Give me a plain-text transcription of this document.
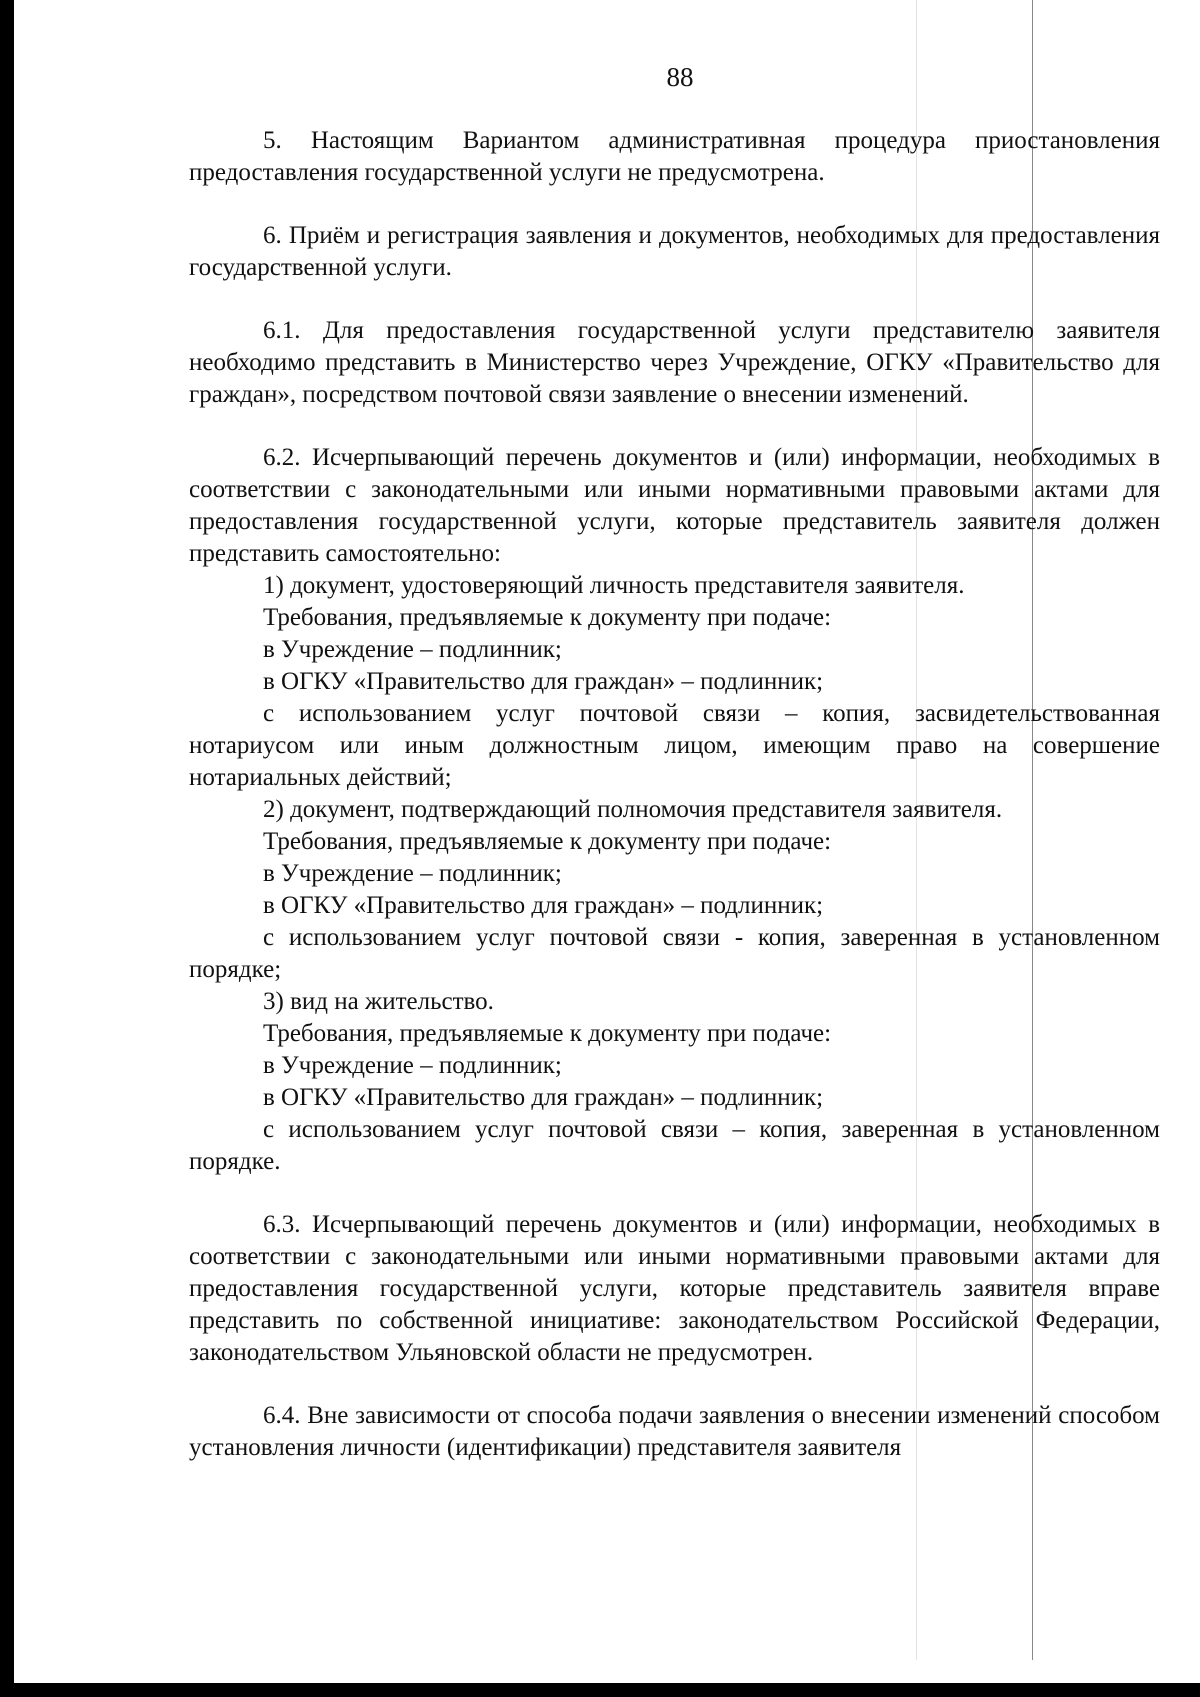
88

5. Настоящим Вариантом административная процедура приостановления предоставления государственной услуги не предусмотрена.

6. Приём и регистрация заявления и документов, необходимых для предоставления государственной услуги.

6.1. Для предоставления государственной услуги представителю заявителя необходимо представить в Министерство через Учреждение, ОГКУ «Правительство для граждан», посредством почтовой связи заявление о внесении изменений.

6.2. Исчерпывающий перечень документов и (или) информации, необходимых в соответствии с законодательными или иными нормативными правовыми актами для предоставления государственной услуги, которые представитель заявителя должен представить самостоятельно:

1) документ, удостоверяющий личность представителя заявителя.

Требования, предъявляемые к документу при подаче:

в Учреждение – подлинник;

в ОГКУ «Правительство для граждан» – подлинник;

с использованием услуг почтовой связи – копия, засвидетельствованная нотариусом или иным должностным лицом, имеющим право на совершение нотариальных действий;

2) документ, подтверждающий полномочия представителя заявителя.

Требования, предъявляемые к документу при подаче:

в Учреждение – подлинник;

в ОГКУ «Правительство для граждан» – подлинник;

с использованием услуг почтовой связи - копия, заверенная в установленном порядке;

3) вид на жительство.

Требования, предъявляемые к документу при подаче:

в Учреждение – подлинник;

в ОГКУ «Правительство для граждан» – подлинник;

с использованием услуг почтовой связи – копия, заверенная в установленном порядке.

6.3. Исчерпывающий перечень документов и (или) информации, необходимых в соответствии с законодательными или иными нормативными правовыми актами для предоставления государственной услуги, которые представитель заявителя вправе представить по собственной инициативе: законодательством Российской Федерации, законодательством Ульяновской области не предусмотрен.

6.4. Вне зависимости от способа подачи заявления о внесении изменений способом установления личности (идентификации) представителя заявителя
